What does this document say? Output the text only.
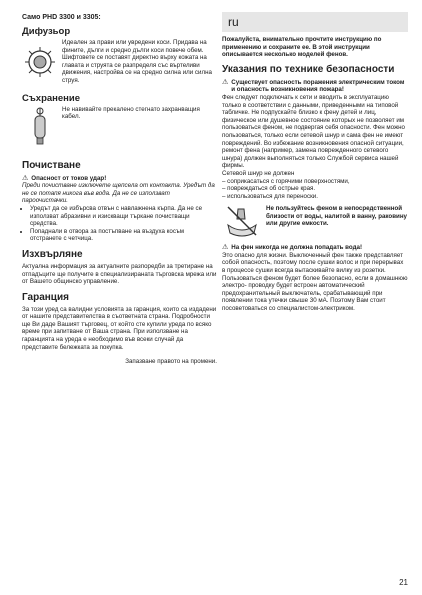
Само PHD 3300 и 3305:
Дифузьор
Идеален за прави или увредени коси. Придава на фините, дълги и средно дълги коси повече обем. Шифтовете се поставят директно върху кожата на главата и струята се разпределя със въртеливи движения, настройва се на средно силна или силна струя.
Съхранение
Не навивайте прекалено стегнато захранващия кабел.
Почистване
⚠ Опасност от токов удар!
Преди почистване изключете щепсела от контакта. Уредът да не се потапя никога във вода. Да не се използват пароочистачки.
• Уредът да се избърсва отвън с навлажнена кърпа. Да не се използват абразивни и изискващи търкане почистващи средства.
• Попаднали в отвора за постъпване на въздуха косъм отстранете с четчица.
Изхвърляне
Актуална информация за актуалните разпоредби за третиране на отпадъците ще получите в специализираната търговска мрежа или от Вашето общинско управление.
Гаранция
За този уред са валидни условията за гаранция, които са издадени от нашите представителства в съответната страна. Подробности ще Ви даде Вашият търговец, от който сте купили уреда по всяко време при запитване от Ваша страна. При използване на гаранцията на уреда е необходимо във всеки случай да представите бележката за покупка.
Запазване правото на промени.
ru
Пожалуйста, внимательно прочтите инструкцию по применению и сохраните ее. В этой инструкции описывается несколько моделей фенов.
Указания по технике безопасности
⚠ Существует опасность поражения электрическим током и опасность возникновения пожара!
Фен следует подключать к сети и вводить в эксплуатацию только в соответствии с данными, приведенными на типовой табличке. Не подпускайте близко к фену детей и лиц, физическое или душевное состояние которых не позволяет им пользоваться феном, не подвергая себя опасности. Фен можно пользоваться, только если сетевой шнур и сама фен не имеют повреждений. Во избежание возникновения опасной ситуации, ремонт фена (например, замена поврежденного сетевого шнура) должен выполняться только Службой сервиса нашей фирмы.
Сетевой шнур не должен
– соприкасаться с горячими поверхностями,
– повреждаться об острые края.
– использоваться для переноски.
Не пользуйтесь феном в непосредственной близости от воды, налитой в ванну, раковину или другие емкости.
⚠ На фен никогда не должна попадать вода!
Это опасно для жизни. Выключенный фен также представляет собой опасность, поэтому после сушки волос и при перерывах в процессе сушки всегда вытаскивайте вилку из розетки. Пользоваться феном будет более безопасно, если в домашнюю электро- проводку будет встроен автоматический предохранительный выключатель, срабатывающий при появлении тока утечки свыше 30 мА. Поэтому Вам стоит посоветоваться со специалистом-электриком.
21
